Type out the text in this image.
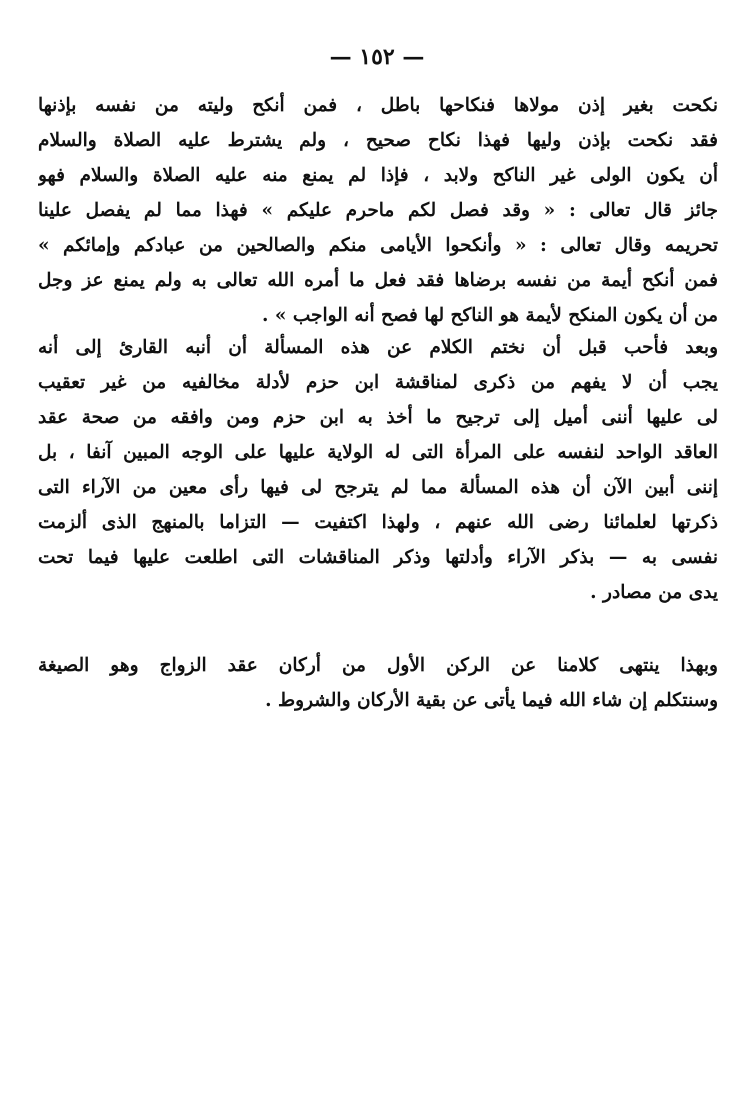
— ١٥٢ —
نكحت بغير إذن مولاها فنكاحها باطل ، فمن أنكح وليته من نفسه بإذنها
فقد نكحت بإذن وليها فهذا نكاح صحيح ، ولم يشترط عليه الصلاة والسلام
أن يكون الولى غير الناكح ولابد ، فإذا لم يمنع منه عليه الصلاة والسلام فهو
جائز قال تعالى : « وقد فصل لكم ماحرم عليكم » فهذا مما لم يفصل علينا
تحريمه وقال تعالى : « وأنكحوا الأيامى منكم والصالحين من عبادكم وإمائكم »
فمن أنكح أيمة من نفسه برضاها فقد فعل ما أمره الله تعالى به ولم يمنع عز وجل
من أن يكون المنكح لأيمة هو الناكح لها فصح أنه الواجب » .
وبعد فأحب قبل أن نختم الكلام عن هذه المسألة أن أنبه القارئ إلى أنه
يجب أن لا يفهم من ذكرى لمناقشة ابن حزم لأدلة مخالفيه من غير تعقيب
لى عليها أننى أميل إلى ترجيح ما أخذ به ابن حزم ومن وافقه من صحة عقد
العاقد الواحد لنفسه على المرأة التى له الولاية عليها على الوجه المبين آنفا ، بل
إننى أبين الآن أن هذه المسألة مما لم يترجح لى فيها رأى معين من الآراء التى
ذكرتها لعلمائنا رضى الله عنهم ، ولهذا اكتفيت — التزاما بالمنهج الذى ألزمت
نفسى به — بذكر الآراء وأدلتها وذكر المناقشات التى اطلعت عليها فيما تحت
يدى من مصادر .
وبهذا ينتهى كلامنا عن الركن الأول من أركان عقد الزواج وهو الصيغة
وسنتكلم إن شاء الله فيما يأتى عن بقية الأركان والشروط .
